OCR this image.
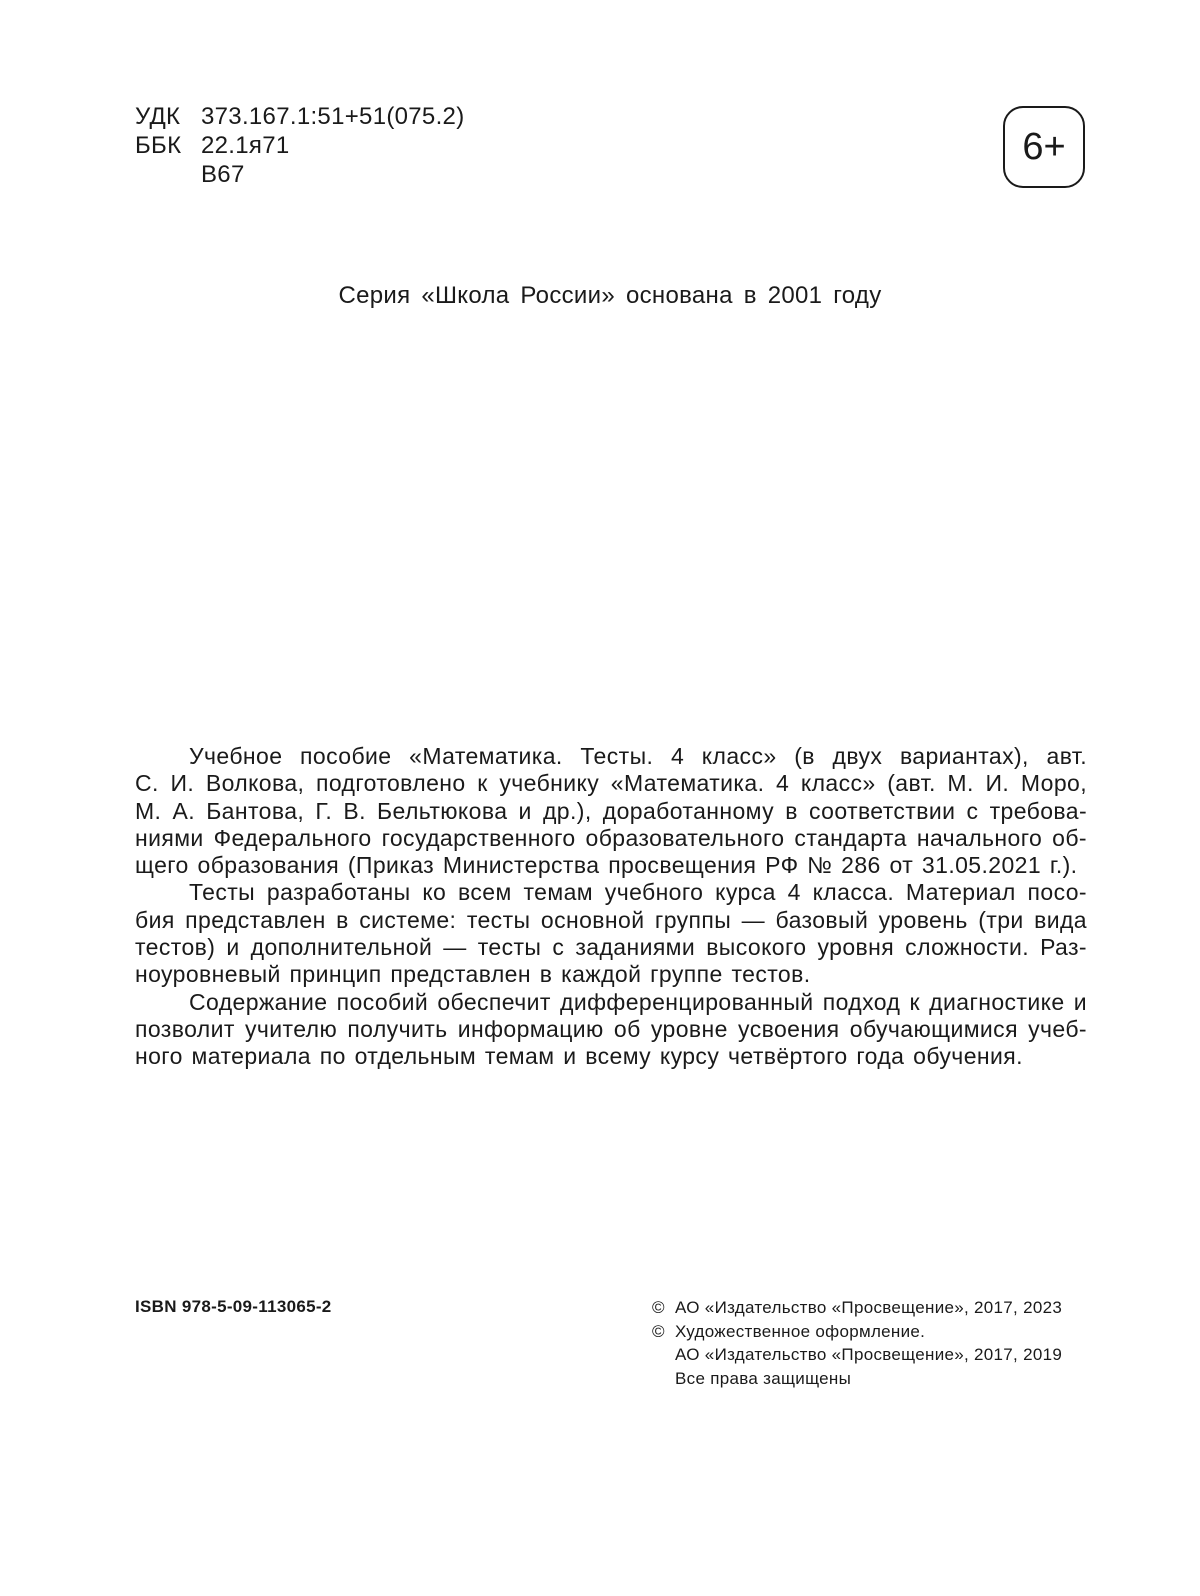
УДК 373.167.1:51+51(075.2)
ББК 22.1я71
В67
6+
Серия «Школа России» основана в 2001 году

Учебное пособие «Математика. Тесты. 4 класс» (в двух вариантах), авт.

С. И. Волкова, подготовлено к учебнику «Математика. 4 класс» (авт. М. И. Моро,

М. А. Бантова, Г. В. Бельтюкова и др.), доработанному в соответствии с требова-

ниями Федерального государственного образовательного стандарта начального об-

щего образования (Приказ Министерства просвещения РФ № 286 от 31.05.2021 г.).

Тесты разработаны ко всем темам учебного курса 4 класса. Материал посо-

бия представлен в системе: тесты основной группы — базовый уровень (три вида

тестов) и дополнительной — тесты с заданиями высокого уровня сложности. Раз-

ноуровневый принцип представлен в каждой группе тестов.

Содержание пособий обеспечит дифференцированный подход к диагностике и

позволит учителю получить информацию об уровне усвоения обучающимися учеб-

ного материала по отдельным темам и всему курсу четвёртого года обучения.

ISBN 978-5-09-113065-2	© АО «Издательство «Просвещение», 2017, 2023
© Художественное оформление.
АО «Издательство «Просвещение», 2017, 2019
Все права защищены
